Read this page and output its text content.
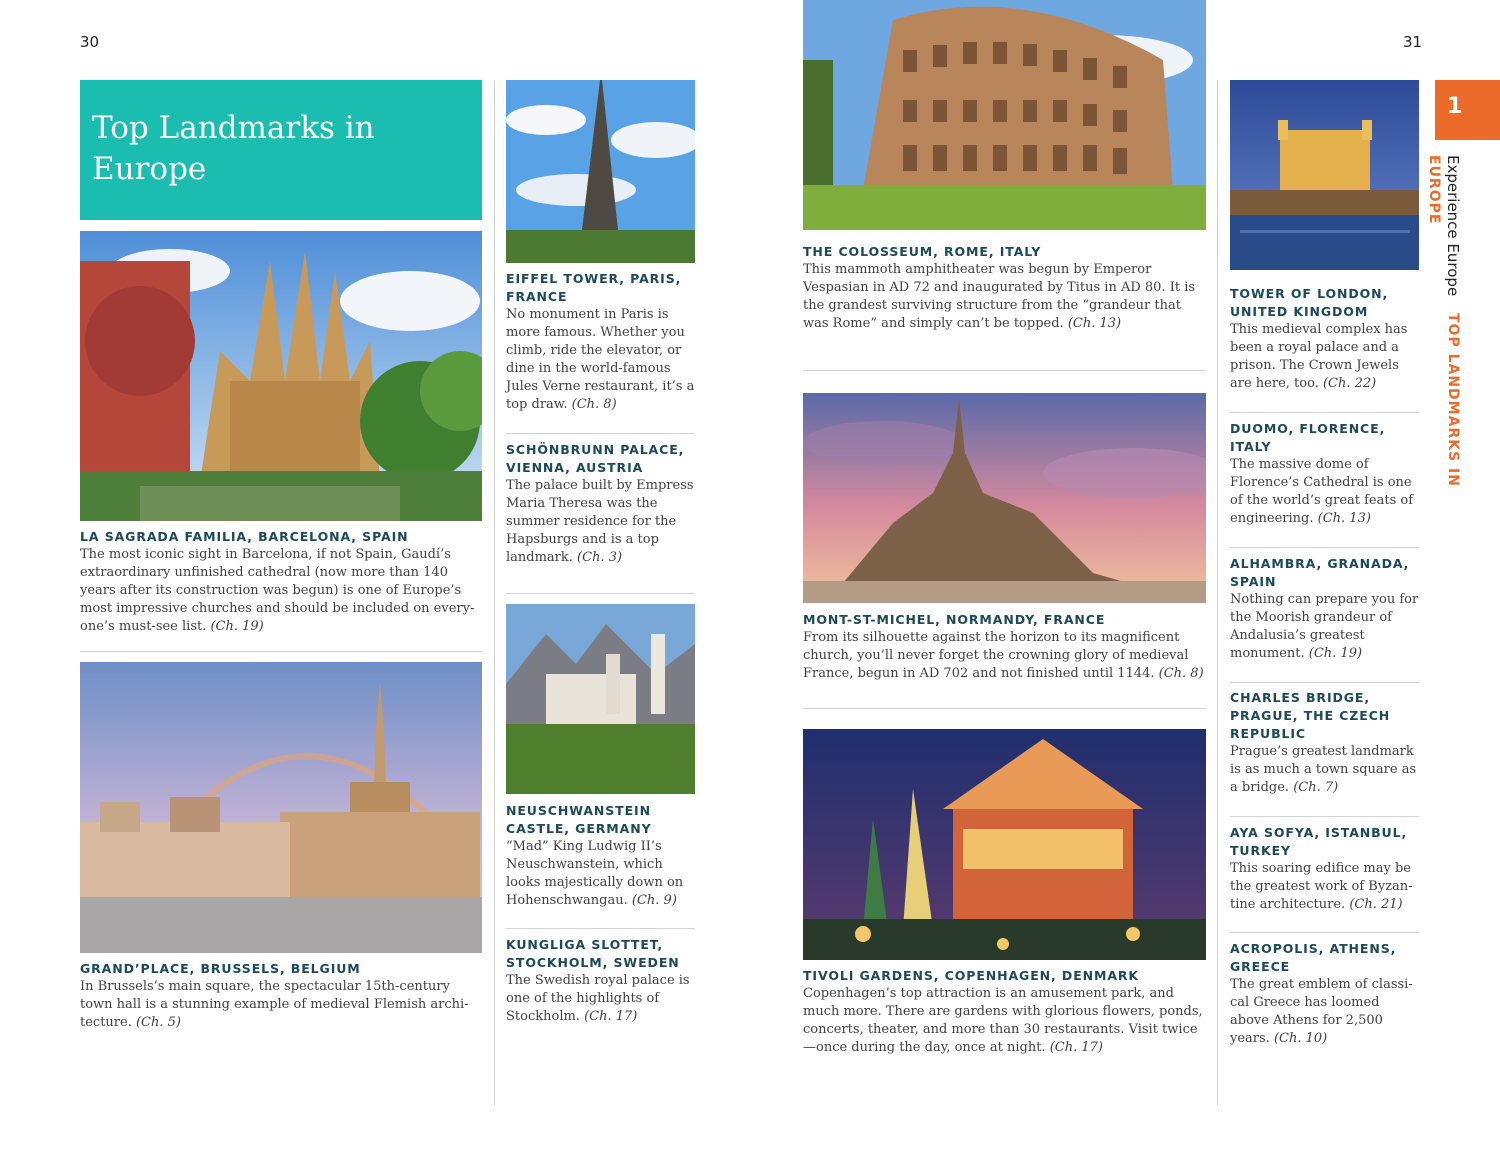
30	31
1
Experience Europe TOP LANDMARKS IN EUROPE
Top Landmarks in Europe
LA SAGRADA FAMILIA, BARCELONA, SPAIN

The most iconic sight in Barcelona, if not Spain, Gaudí’s extraordinary unfinished cathedral (now more than 140 years after its construction was begun) is one of Europe’s most impressive churches and should be included on every-one’s must-see list. (Ch. 19)

GRAND’PLACE, BRUSSELS, BELGIUM

In Brussels’s main square, the spectacular 15th-century town hall is a stunning example of medieval Flemish archi-tecture. (Ch. 5)

EIFFEL TOWER, PARIS, FRANCE

No monument in Paris is more famous. Whether you climb, ride the elevator, or dine in the world-famous Jules Verne restaurant, it’s a top draw. (Ch. 8)

SCHÖNBRUNN PALACE, VIENNA, AUSTRIA

The palace built by Empress Maria Theresa was the summer residence for the Hapsburgs and is a top landmark. (Ch. 3)

NEUSCHWANSTEIN CASTLE, GERMANY

“Mad” King Ludwig II’s Neuschwanstein, which looks majestically down on Hohenschwangau. (Ch. 9)

KUNGLIGA SLOTTET, STOCKHOLM, SWEDEN

The Swedish royal palace is one of the highlights of Stockholm. (Ch. 17)

THE COLOSSEUM, ROME, ITALY

This mammoth amphitheater was begun by Emperor Vespasian in AD 72 and inaugurated by Titus in AD 80. It is the grandest surviving structure from the “grandeur that was Rome” and simply can’t be topped. (Ch. 13)

MONT-ST-MICHEL, NORMANDY, FRANCE

From its silhouette against the horizon to its magnificent church, you’ll never forget the crowning glory of medieval France, begun in AD 702 and not finished until 1144. (Ch. 8)

TIVOLI GARDENS, COPENHAGEN, DENMARK

Copenhagen’s top attraction is an amusement park, and much more. There are gardens with glorious flowers, ponds, concerts, theater, and more than 30 restaurants. Visit twice—once during the day, once at night. (Ch. 17)

TOWER OF LONDON, UNITED KINGDOM

This medieval complex has been a royal palace and a prison. The Crown Jewels are here, too. (Ch. 22)

DUOMO, FLORENCE, ITALY

The massive dome of Florence’s Cathedral is one of the world’s great feats of engineering. (Ch. 13)

ALHAMBRA, GRANADA, SPAIN

Nothing can prepare you for the Moorish grandeur of Andalusia’s greatest monument. (Ch. 19)

CHARLES BRIDGE, PRAGUE, THE CZECH REPUBLIC

Prague’s greatest landmark is as much a town square as a bridge. (Ch. 7)

AYA SOFYA, ISTANBUL, TURKEY

This soaring edifice may be the greatest work of Byzan-tine architecture. (Ch. 21)

ACROPOLIS, ATHENS, GREECE

The great emblem of classi-cal Greece has loomed above Athens for 2,500 years. (Ch. 10)
